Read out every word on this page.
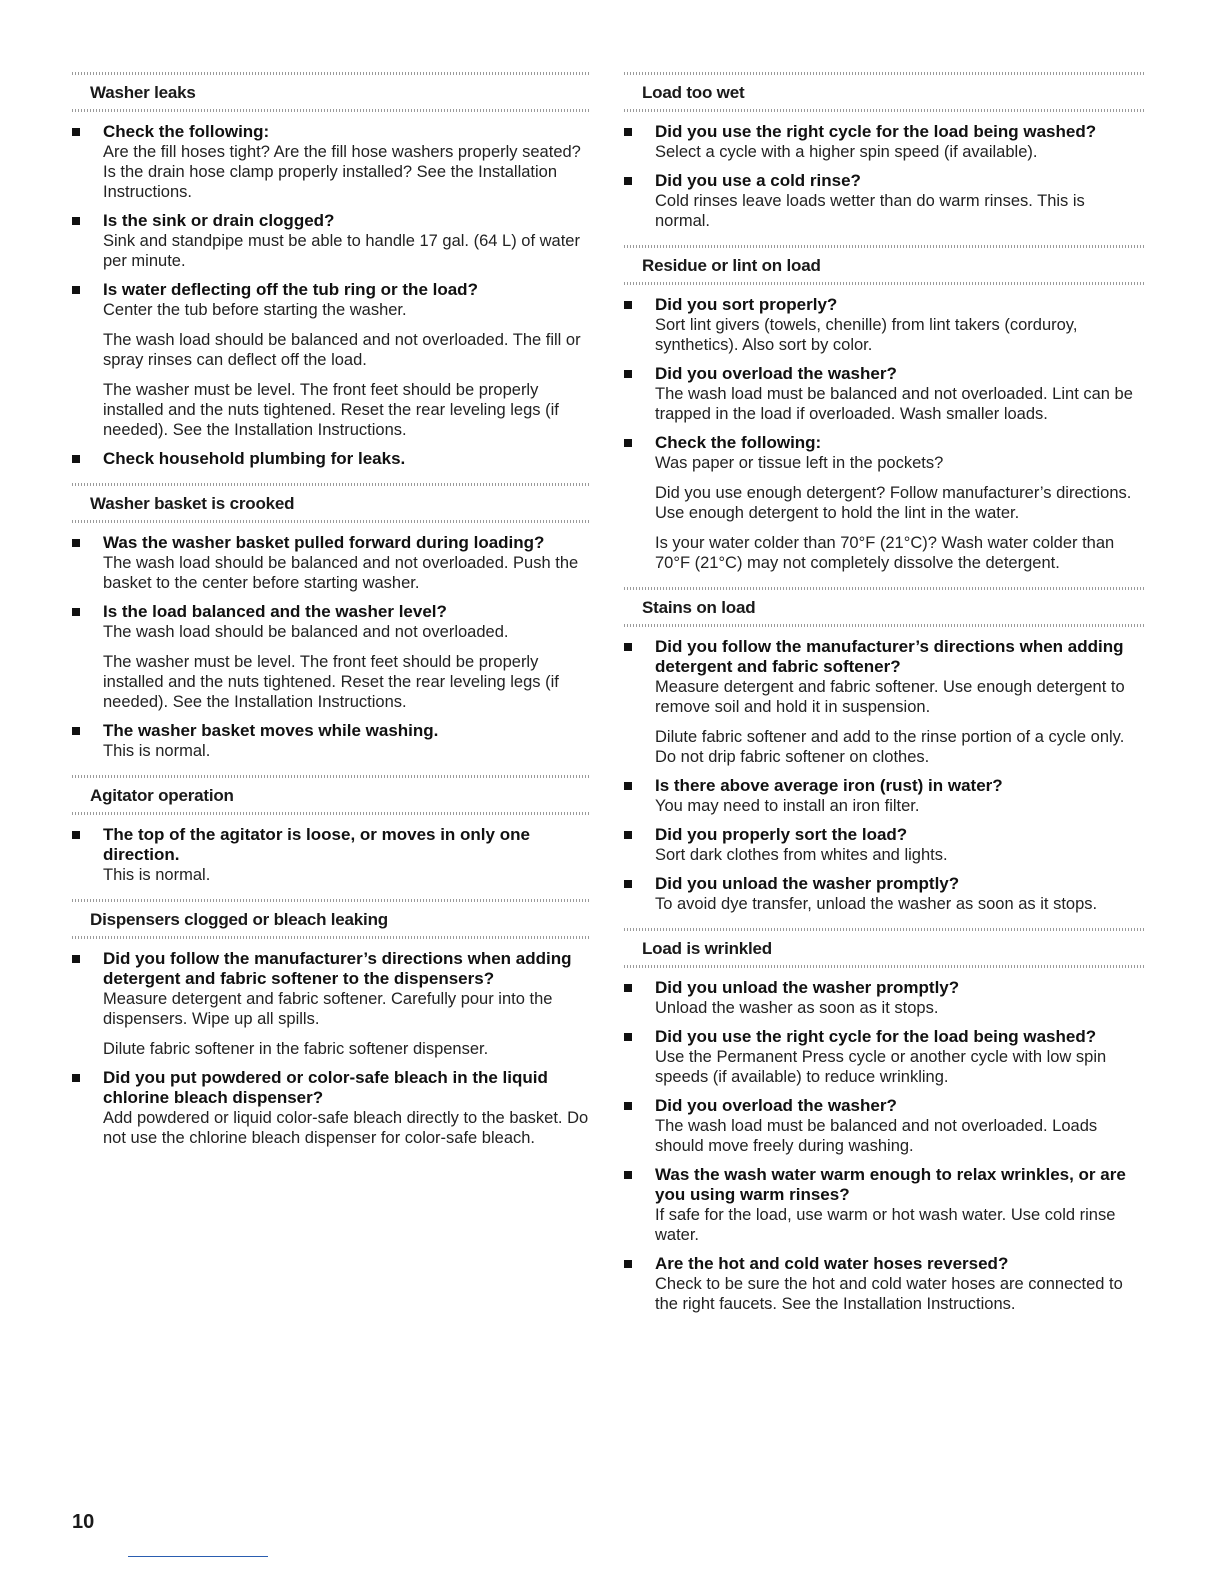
Washer leaks
Check the following:
Are the fill hoses tight? Are the fill hose washers properly seated? Is the drain hose clamp properly installed? See the Installation Instructions.
Is the sink or drain clogged?
Sink and standpipe must be able to handle 17 gal. (64 L) of water per minute.
Is water deflecting off the tub ring or the load?
Center the tub before starting the washer.
The wash load should be balanced and not overloaded. The fill or spray rinses can deflect off the load.
The washer must be level. The front feet should be properly installed and the nuts tightened. Reset the rear leveling legs (if needed). See the Installation Instructions.
Check household plumbing for leaks.
Washer basket is crooked
Was the washer basket pulled forward during loading?
The wash load should be balanced and not overloaded. Push the basket to the center before starting washer.
Is the load balanced and the washer level?
The wash load should be balanced and not overloaded.
The washer must be level. The front feet should be properly installed and the nuts tightened. Reset the rear leveling legs (if needed). See the Installation Instructions.
The washer basket moves while washing.
This is normal.
Agitator operation
The top of the agitator is loose, or moves in only one direction.
This is normal.
Dispensers clogged or bleach leaking
Did you follow the manufacturer’s directions when adding detergent and fabric softener to the dispensers?
Measure detergent and fabric softener. Carefully pour into the dispensers. Wipe up all spills.
Dilute fabric softener in the fabric softener dispenser.
Did you put powdered or color-safe bleach in the liquid chlorine bleach dispenser?
Add powdered or liquid color-safe bleach directly to the basket. Do not use the chlorine bleach dispenser for color-safe bleach.
Load too wet
Did you use the right cycle for the load being washed?
Select a cycle with a higher spin speed (if available).
Did you use a cold rinse?
Cold rinses leave loads wetter than do warm rinses. This is normal.
Residue or lint on load
Did you sort properly?
Sort lint givers (towels, chenille) from lint takers (corduroy, synthetics). Also sort by color.
Did you overload the washer?
The wash load must be balanced and not overloaded. Lint can be trapped in the load if overloaded. Wash smaller loads.
Check the following:
Was paper or tissue left in the pockets?
Did you use enough detergent? Follow manufacturer’s directions. Use enough detergent to hold the lint in the water.
Is your water colder than 70°F (21°C)? Wash water colder than 70°F (21°C) may not completely dissolve the detergent.
Stains on load
Did you follow the manufacturer’s directions when adding detergent and fabric softener?
Measure detergent and fabric softener. Use enough detergent to remove soil and hold it in suspension.
Dilute fabric softener and add to the rinse portion of a cycle only. Do not drip fabric softener on clothes.
Is there above average iron (rust) in water?
You may need to install an iron filter.
Did you properly sort the load?
Sort dark clothes from whites and lights.
Did you unload the washer promptly?
To avoid dye transfer, unload the washer as soon as it stops.
Load is wrinkled
Did you unload the washer promptly?
Unload the washer as soon as it stops.
Did you use the right cycle for the load being washed?
Use the Permanent Press cycle or another cycle with low spin speeds (if available) to reduce wrinkling.
Did you overload the washer?
The wash load must be balanced and not overloaded. Loads should move freely during washing.
Was the wash water warm enough to relax wrinkles, or are you using warm rinses?
If safe for the load, use warm or hot wash water. Use cold rinse water.
Are the hot and cold water hoses reversed?
Check to be sure the hot and cold water hoses are connected to the right faucets. See the Installation Instructions.
10
